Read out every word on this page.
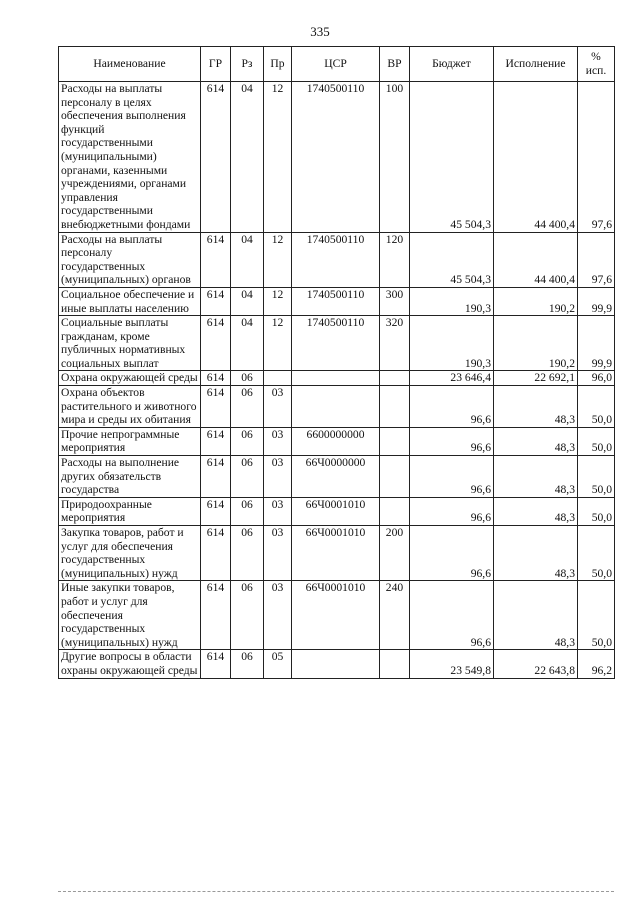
335
Наименование	ГР	Рз	Пр	ЦСР	ВР	Бюджет	Исполнение	%
исп.

Расходы на выплаты персоналу в целях обеспечения выполнения функций государственными (муниципальными) органами, казенными учреждениями, органами управления государственными внебюджетными фондами	614	04	12	1740500110	100	45 504,3	44 400,4	97,6
Расходы на выплаты персоналу государственных (муниципальных) органов	614	04	12	1740500110	120	45 504,3	44 400,4	97,6
Социальное обеспечение и иные выплаты населению	614	04	12	1740500110	300	190,3	190,2	99,9
Социальные выплаты гражданам, кроме публичных нормативных социальных выплат	614	04	12	1740500110	320	190,3	190,2	99,9
Охрана окружающей среды	614	06				23 646,4	22 692,1	96,0
Охрана объектов растительного и животного мира и среды их обитания	614	06	03			96,6	48,3	50,0
Прочие непрограммные мероприятия	614	06	03	6600000000		96,6	48,3	50,0
Расходы на выполнение других обязательств государства	614	06	03	66Ч0000000		96,6	48,3	50,0
Природоохранные мероприятия	614	06	03	66Ч0001010		96,6	48,3	50,0
Закупка товаров, работ и услуг для обеспечения государственных (муниципальных) нужд	614	06	03	66Ч0001010	200	96,6	48,3	50,0
Иные закупки товаров, работ и услуг для обеспечения государственных (муниципальных) нужд	614	06	03	66Ч0001010	240	96,6	48,3	50,0
Другие вопросы в области охраны окружающей среды	614	06	05			23 549,8	22 643,8	96,2
